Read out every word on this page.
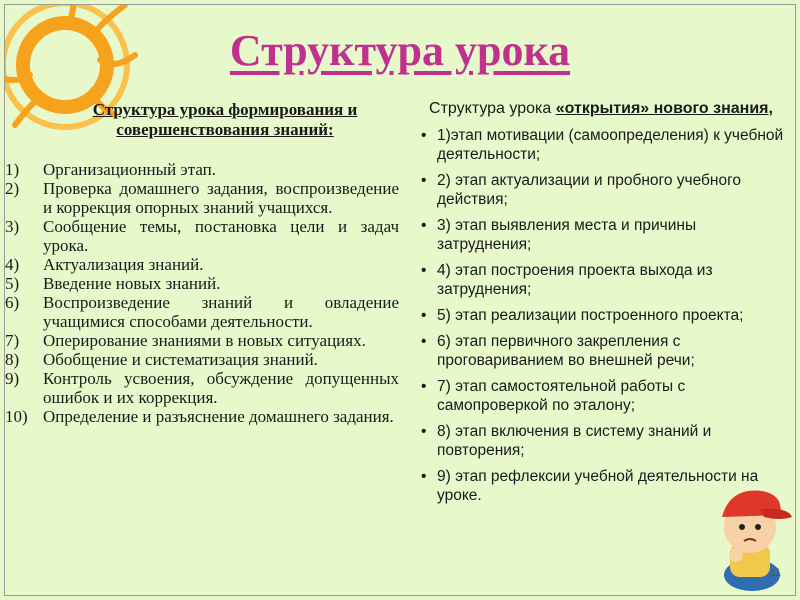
Структура урока
Структура урока формирования и совершенствования знаний:
1) Организационный этап.
2) Проверка домашнего задания, воспроизведение и коррекция опорных знаний учащихся.
3) Сообщение темы, постановка цели и задач урока.
4) Актуализация знаний.
5) Введение новых знаний.
6) Воспроизведение знаний и овладение учащимися способами деятельности.
7) Оперирование знаниями в новых ситуациях.
8) Обобщение и систематизация знаний.
9) Контроль усвоения, обсуждение допущенных ошибок и их коррекция.
10) Определение и разъяснение домашнего задания.
Структура урока «открытия» нового знания,
• 1)этап мотивации (самоопределения) к учебной деятельности;
• 2) этап актуализации и пробного учебного действия;
• 3) этап выявления места и причины затруднения;
• 4) этап построения проекта выхода из затруднения;
• 5) этап реализации построенного проекта;
• 6) этап первичного закрепления с проговариванием во внешней речи;
• 7) этап самостоятельной работы с самопроверкой по эталону;
• 8) этап включения в систему знаний и повторения;
• 9) этап рефлексии учебной деятельности на уроке.
11
